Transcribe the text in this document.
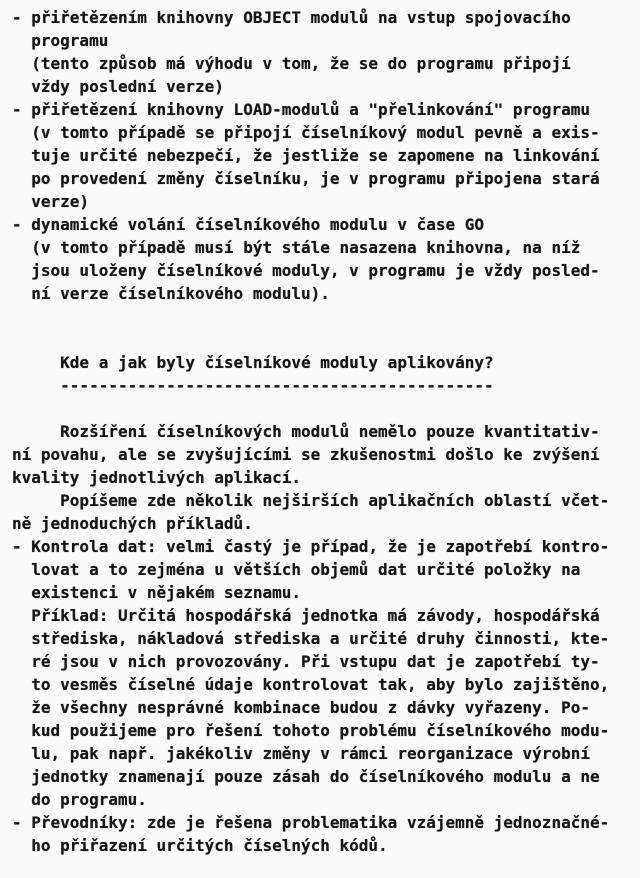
- přiřetězením knihovny OBJECT modulů na vstup spojovacího
programu
(tento způsob má výhodu v tom, že se do programu připojí
vždy poslední verze)
- přiřetězení knihovny LOAD-modulů a "přelinkování" programu
(v tomto případě se připojí číselníkový modul pevně a exis-
tuje určité nebezpečí, že jestliže se zapomene na linkování
po provedení změny číselníku, je v programu připojena stará
verze)
- dynamické volání číselníkového modulu v čase GO
(v tomto případě musí být stále nasazena knihovna, na níž
jsou uloženy číselníkové moduly, v programu je vždy posled-
ní verze číselníkového modulu).
Kde a jak byly číselníkové moduly aplikovány?
---------------------------------------------
Rozšíření číselníkových modulů nemělo pouze kvantitativ-
ní povahu, ale se zvyšujícími se zkušenostmi došlo ke zvýšení
kvality jednotlivých aplikací.
Popíšeme zde několik nejširších aplikačních oblastí včet-
ně jednoduchých příkladů.
- Kontrola dat: velmi častý je případ, že je zapotřebí kontro-
lovat a to zejména u větších objemů dat určité položky na
existenci v nějakém seznamu.
Příklad: Určitá hospodářská jednotka má závody, hospodářská
střediska, nákladová střediska a určité druhy činnosti, kte-
ré jsou v nich provozovány. Při vstupu dat je zapotřebí ty-
to vesměs číselné údaje kontrolovat tak, aby bylo zajištěno,
že všechny nesprávné kombinace budou z dávky vyřazeny. Po-
kud použijeme pro řešení tohoto problému číselníkového modu-
lu, pak např. jakékoliv změny v rámci reorganizace výrobní
jednotky znamenají pouze zásah do číselníkového modulu a ne
do programu.
- Převodníky: zde je řešena problematika vzájemně jednoznačné-
ho přiřazení určitých číselných kódů.
